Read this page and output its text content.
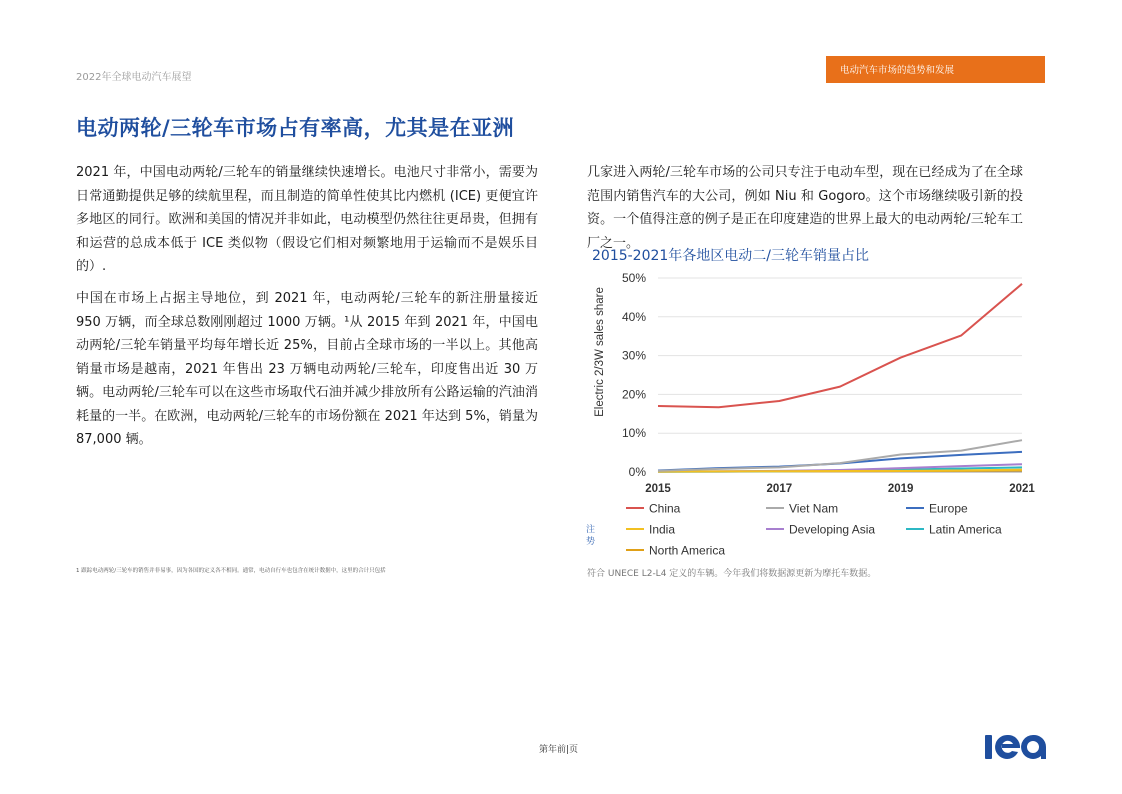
2022年全球电动汽车展望
电动汽车市场的趋势和发展
电动两轮/三轮车市场占有率高，尤其是在亚洲

2021 年，中国电动两轮/三轮车的销量继续快速增长。电池尺寸非常小，需要为日常通勤提供足够的续航里程，而且制造的简单性使其比内燃机 (ICE) 更便宜许多地区的同行。欧洲和美国的情况并非如此，电动模型仍然往往更昂贵，但拥有和运营的总成本低于 ICE 类似物（假设它们相对频繁地用于运输而不是娱乐目的）.

中国在市场上占据主导地位，到 2021 年，电动两轮/三轮车的新注册量接近 950 万辆，而全球总数刚刚超过 1000 万辆。¹从 2015 年到 2021 年，中国电动两轮/三轮车销量平均每年增长近 25%，目前占全球市场的一半以上。其他高销量市场是越南，2021 年售出 23 万辆电动两轮/三轮车，印度售出近 30 万辆。电动两轮/三轮车可以在这些市场取代石油并减少排放所有公路运输的汽油消耗量的一半。在欧洲，电动两轮/三轮车的市场份额在 2021 年达到 5%，销量为 87,000 辆。

几家进入两轮/三轮车市场的公司只专注于电动车型，现在已经成为了在全球范围内销售汽车的大公司，例如 Niu 和 Gogoro。这个市场继续吸引新的投资。一个值得注意的例子是正在印度建造的世界上最大的电动两轮/三轮车工厂之一。

1 跟踪电动两轮/三轮车的销售并非易事，因为各国的定义各不相同。通常，电动自行车也包含在统计数据中，这里的合计只包括
2015-2021年各地区电动二/三轮车销量占比
Electric 2/3W sales share
0%
10%
20%
30%
40%
50%
2015	2017	2019	2021
China	Viet Nam	Europe
India	Developing Asia	Latin America
North America
注
势
符合 UNECE L2-L4 定义的车辆。今年我们将数据源更新为摩托车数据。
第年前|页
